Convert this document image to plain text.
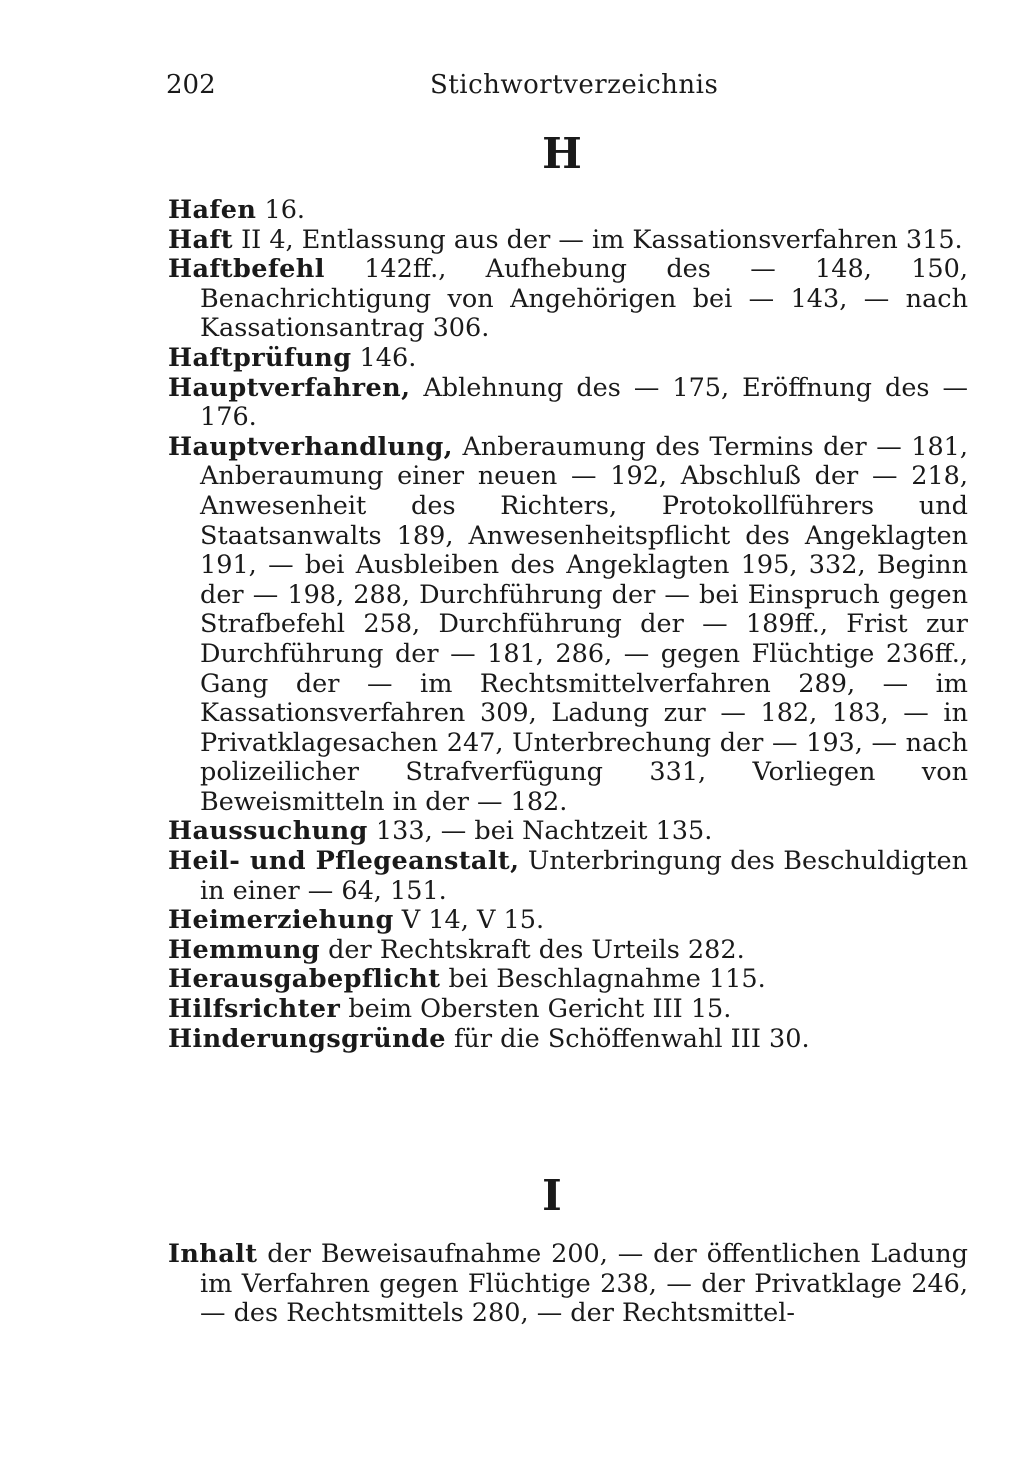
202	Stichwortverzeichnis
H

Hafen 16.

Haft II 4, Entlassung aus der — im Kassationsverfahren 315.

Haftbefehl 142ff., Aufhebung des — 148, 150, Benachrichtigung von Angehörigen bei — 143, — nach Kassationsantrag 306.

Haftprüfung 146.

Hauptverfahren, Ablehnung des — 175, Eröffnung des — 176.

Hauptverhandlung, Anberaumung des Termins der — 181, Anberaumung einer neuen — 192, Abschluß der — 218, Anwesenheit des Richters, Protokollführers und Staatsanwalts 189, Anwesenheitspflicht des Angeklagten 191, — bei Ausbleiben des Angeklagten 195, 332, Beginn der — 198, 288, Durchführung der — bei Einspruch gegen Strafbefehl 258, Durchführung der — 189ff., Frist zur Durchführung der — 181, 286, — gegen Flüchtige 236ff., Gang der — im Rechtsmittelverfahren 289, — im Kassationsverfahren 309, Ladung zur — 182, 183, — in Privatklagesachen 247, Unterbrechung der — 193, — nach polizeilicher Strafverfügung 331, Vorliegen von Beweismitteln in der — 182.

Haussuchung 133, — bei Nachtzeit 135.

Heil- und Pflegeanstalt, Unterbringung des Beschuldigten in einer — 64, 151.

Heimerziehung V 14, V 15.

Hemmung der Rechtskraft des Urteils 282.

Herausgabepflicht bei Beschlagnahme 115.

Hilfsrichter beim Obersten Gericht III 15.

Hinderungsgründe für die Schöffenwahl III 30.

I

Inhalt der Beweisaufnahme 200, — der öffentlichen Ladung im Verfahren gegen Flüchtige 238, — der Privatklage 246, — des Rechtsmittels 280, — der Rechtsmittel-
